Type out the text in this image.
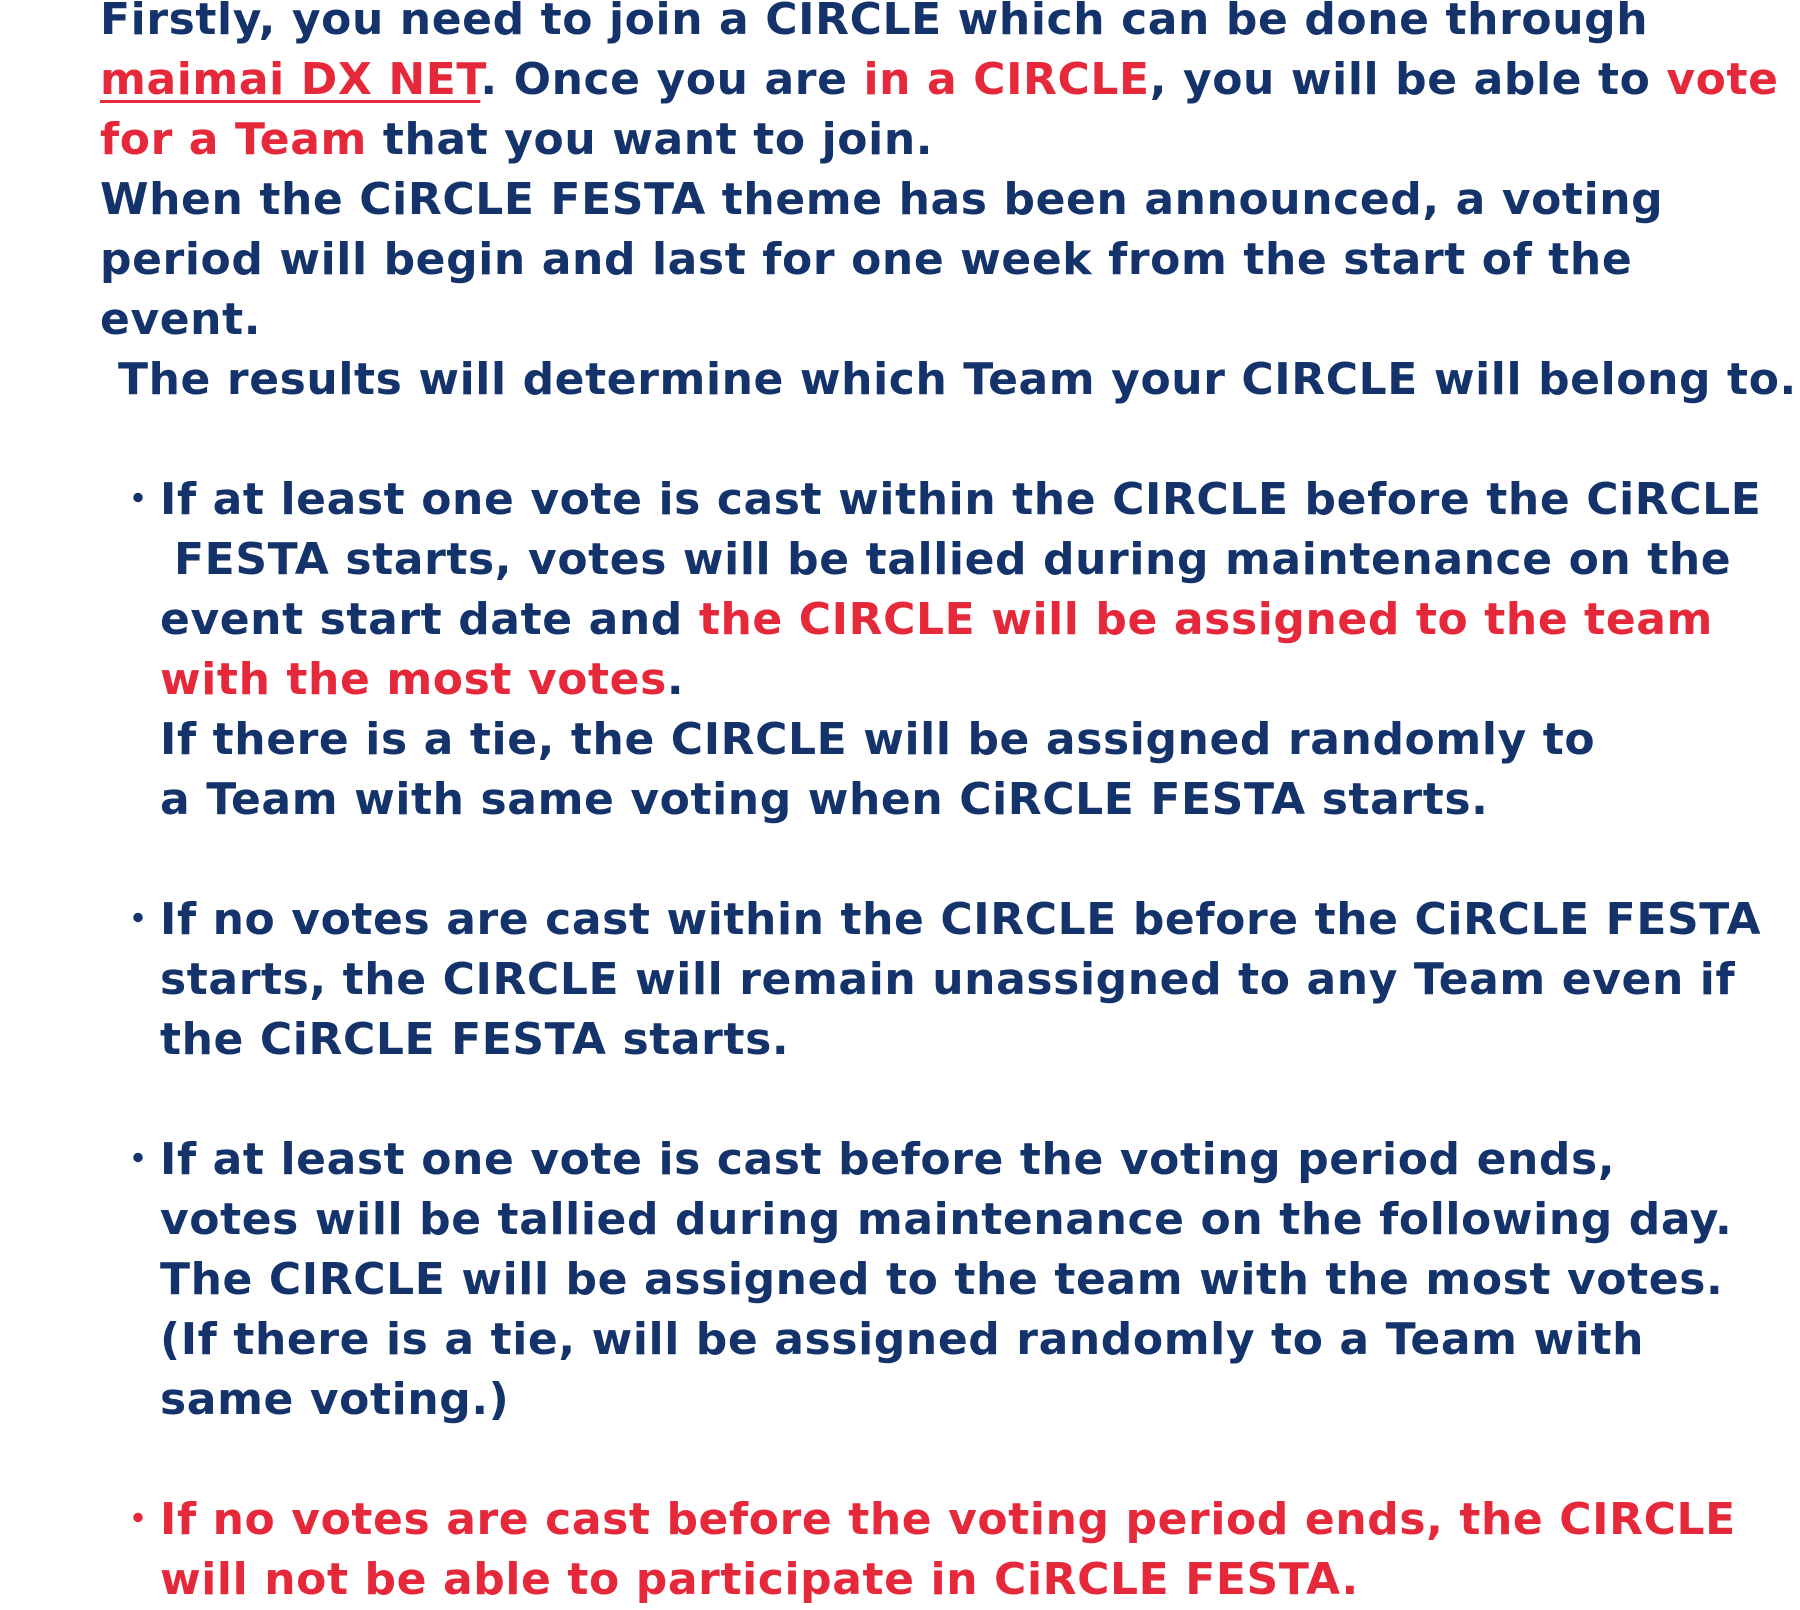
Firstly, you need to join a CIRCLE which can be done through
maimai DX NET. Once you are in a CIRCLE, you will be able to vote
for a Team that you want to join.
When the CiRCLE FESTA theme has been announced, a voting
period will begin and last for one week from the start of the
event.
The results will determine which Team your CIRCLE will belong to.
・ If at least one vote is cast within the CIRCLE before the CiRCLE
FESTA starts, votes will be tallied during maintenance on the
event start date and the CIRCLE will be assigned to the team
with the most votes.
If there is a tie, the CIRCLE will be assigned randomly to
a Team with same voting when CiRCLE FESTA starts.
・ If no votes are cast within the CIRCLE before the CiRCLE FESTA
starts, the CIRCLE will remain unassigned to any Team even if
the CiRCLE FESTA starts.
・ If at least one vote is cast before the voting period ends,
votes will be tallied during maintenance on the following day.
The CIRCLE will be assigned to the team with the most votes.
(If there is a tie, will be assigned randomly to a Team with
same voting.)
・ If no votes are cast before the voting period ends, the CIRCLE
will not be able to participate in CiRCLE FESTA.
